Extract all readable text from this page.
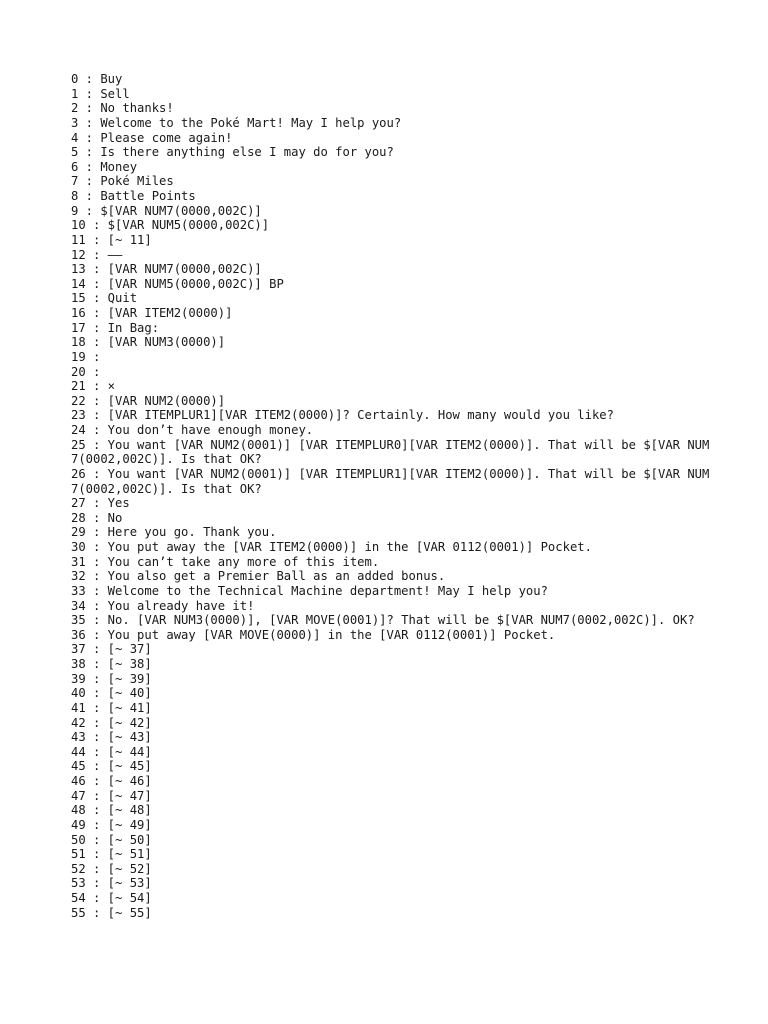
0 : Buy
1 : Sell
2 : No thanks!
3 : Welcome to the Poké Mart! May I help you?
4 : Please come again!
5 : Is there anything else I may do for you?
6 : Money
7 : Poké Miles
8 : Battle Points
9 : $[VAR NUM7(0000,002C)]
10 : $[VAR NUM5(0000,002C)]
11 : [~ 11]
12 : ——
13 : [VAR NUM7(0000,002C)]
14 : [VAR NUM5(0000,002C)] BP
15 : Quit
16 : [VAR ITEM2(0000)]
17 : In Bag:
18 : [VAR NUM3(0000)]
19 :
20 :
21 : ×
22 : [VAR NUM2(0000)]
23 : [VAR ITEMPLUR1][VAR ITEM2(0000)]? Certainly. How many would you like?
24 : You don’t have enough money.
25 : You want [VAR NUM2(0001)] [VAR ITEMPLUR0][VAR ITEM2(0000)]. That will be $[VAR NUM7(0002,002C)]. Is that OK?
26 : You want [VAR NUM2(0001)] [VAR ITEMPLUR1][VAR ITEM2(0000)]. That will be $[VAR NUM7(0002,002C)]. Is that OK?
27 : Yes
28 : No
29 : Here you go. Thank you.
30 : You put away the [VAR ITEM2(0000)] in the [VAR 0112(0001)] Pocket.
31 : You can’t take any more of this item.
32 : You also get a Premier Ball as an added bonus.
33 : Welcome to the Technical Machine department! May I help you?
34 : You already have it!
35 : No. [VAR NUM3(0000)], [VAR MOVE(0001)]? That will be $[VAR NUM7(0002,002C)]. OK?
36 : You put away [VAR MOVE(0000)] in the [VAR 0112(0001)] Pocket.
37 : [~ 37]
38 : [~ 38]
39 : [~ 39]
40 : [~ 40]
41 : [~ 41]
42 : [~ 42]
43 : [~ 43]
44 : [~ 44]
45 : [~ 45]
46 : [~ 46]
47 : [~ 47]
48 : [~ 48]
49 : [~ 49]
50 : [~ 50]
51 : [~ 51]
52 : [~ 52]
53 : [~ 53]
54 : [~ 54]
55 : [~ 55]
